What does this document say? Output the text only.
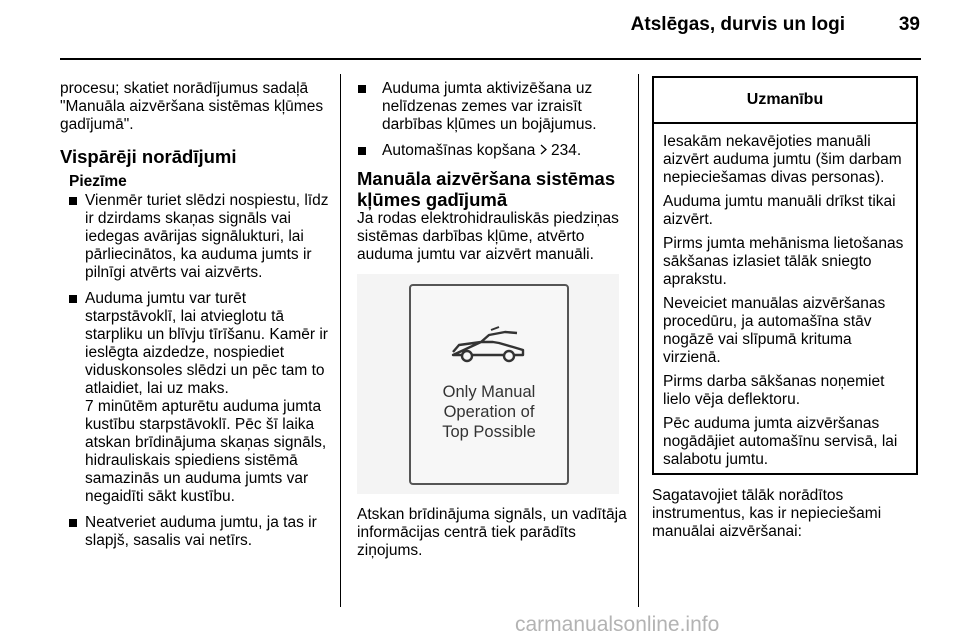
Atslēgas, durvis un logi	39

procesu; skatiet norādījumus sadaļā "Manuāla aizvēršana sistēmas kļūmes gadījumā".

Vispārēji norādījumi
Piezīme
Vienmēr turiet slēdzi nospiestu, līdz ir dzirdams skaņas signāls vai iedegas avārijas signālukturi, lai pārliecinātos, ka auduma jumts ir pilnīgi atvērts vai aizvērts.
Auduma jumtu var turēt starpstāvoklī, lai atvieglotu tā starpliku un blīvju tīrīšanu. Kamēr ir ieslēgta aizdedze, nospiediet viduskonsoles slēdzi un pēc tam to atlaidiet, lai uz maks.
7 minūtēm apturētu auduma jumta kustību starpstāvoklī. Pēc šī laika atskan brīdinājuma skaņas signāls, hidrauliskais spiediens sistēmā samazinās un auduma jumts var negaidīti sākt kustību.
Neatveriet auduma jumtu, ja tas ir slapjš, sasalis vai netīrs.
Auduma jumta aktivizēšana uz nelīdzenas zemes var izraisīt darbības kļūmes un bojājumus.
Automašīnas kopšana 234.
Manuāla aizvēršana sistēmas kļūmes gadījumā

Ja rodas elektrohidrauliskās piedziņas sistēmas darbības kļūme, atvērto auduma jumtu var aizvērt manuāli.

Only Manual
Operation of
Top Possible

Atskan brīdinājuma signāls, un vadītāja informācijas centrā tiek parādīts ziņojums.

Uzmanību

Iesakām nekavējoties manuāli aizvērt auduma jumtu (šim darbam nepieciešamas divas personas).

Auduma jumtu manuāli drīkst tikai aizvērt.

Pirms jumta mehānisma lietošanas sākšanas izlasiet tālāk sniegto aprakstu.

Neveiciet manuālas aizvēršanas procedūru, ja automašīna stāv nogāzē vai slīpumā krituma virzienā.

Pirms darba sākšanas noņemiet lielo vēja deflektoru.

Pēc auduma jumta aizvēršanas nogādājiet automašīnu servisā, lai salabotu jumtu.

Sagatavojiet tālāk norādītos instrumentus, kas ir nepieciešami manuālai aizvēršanai:
carmanualsonline.info
